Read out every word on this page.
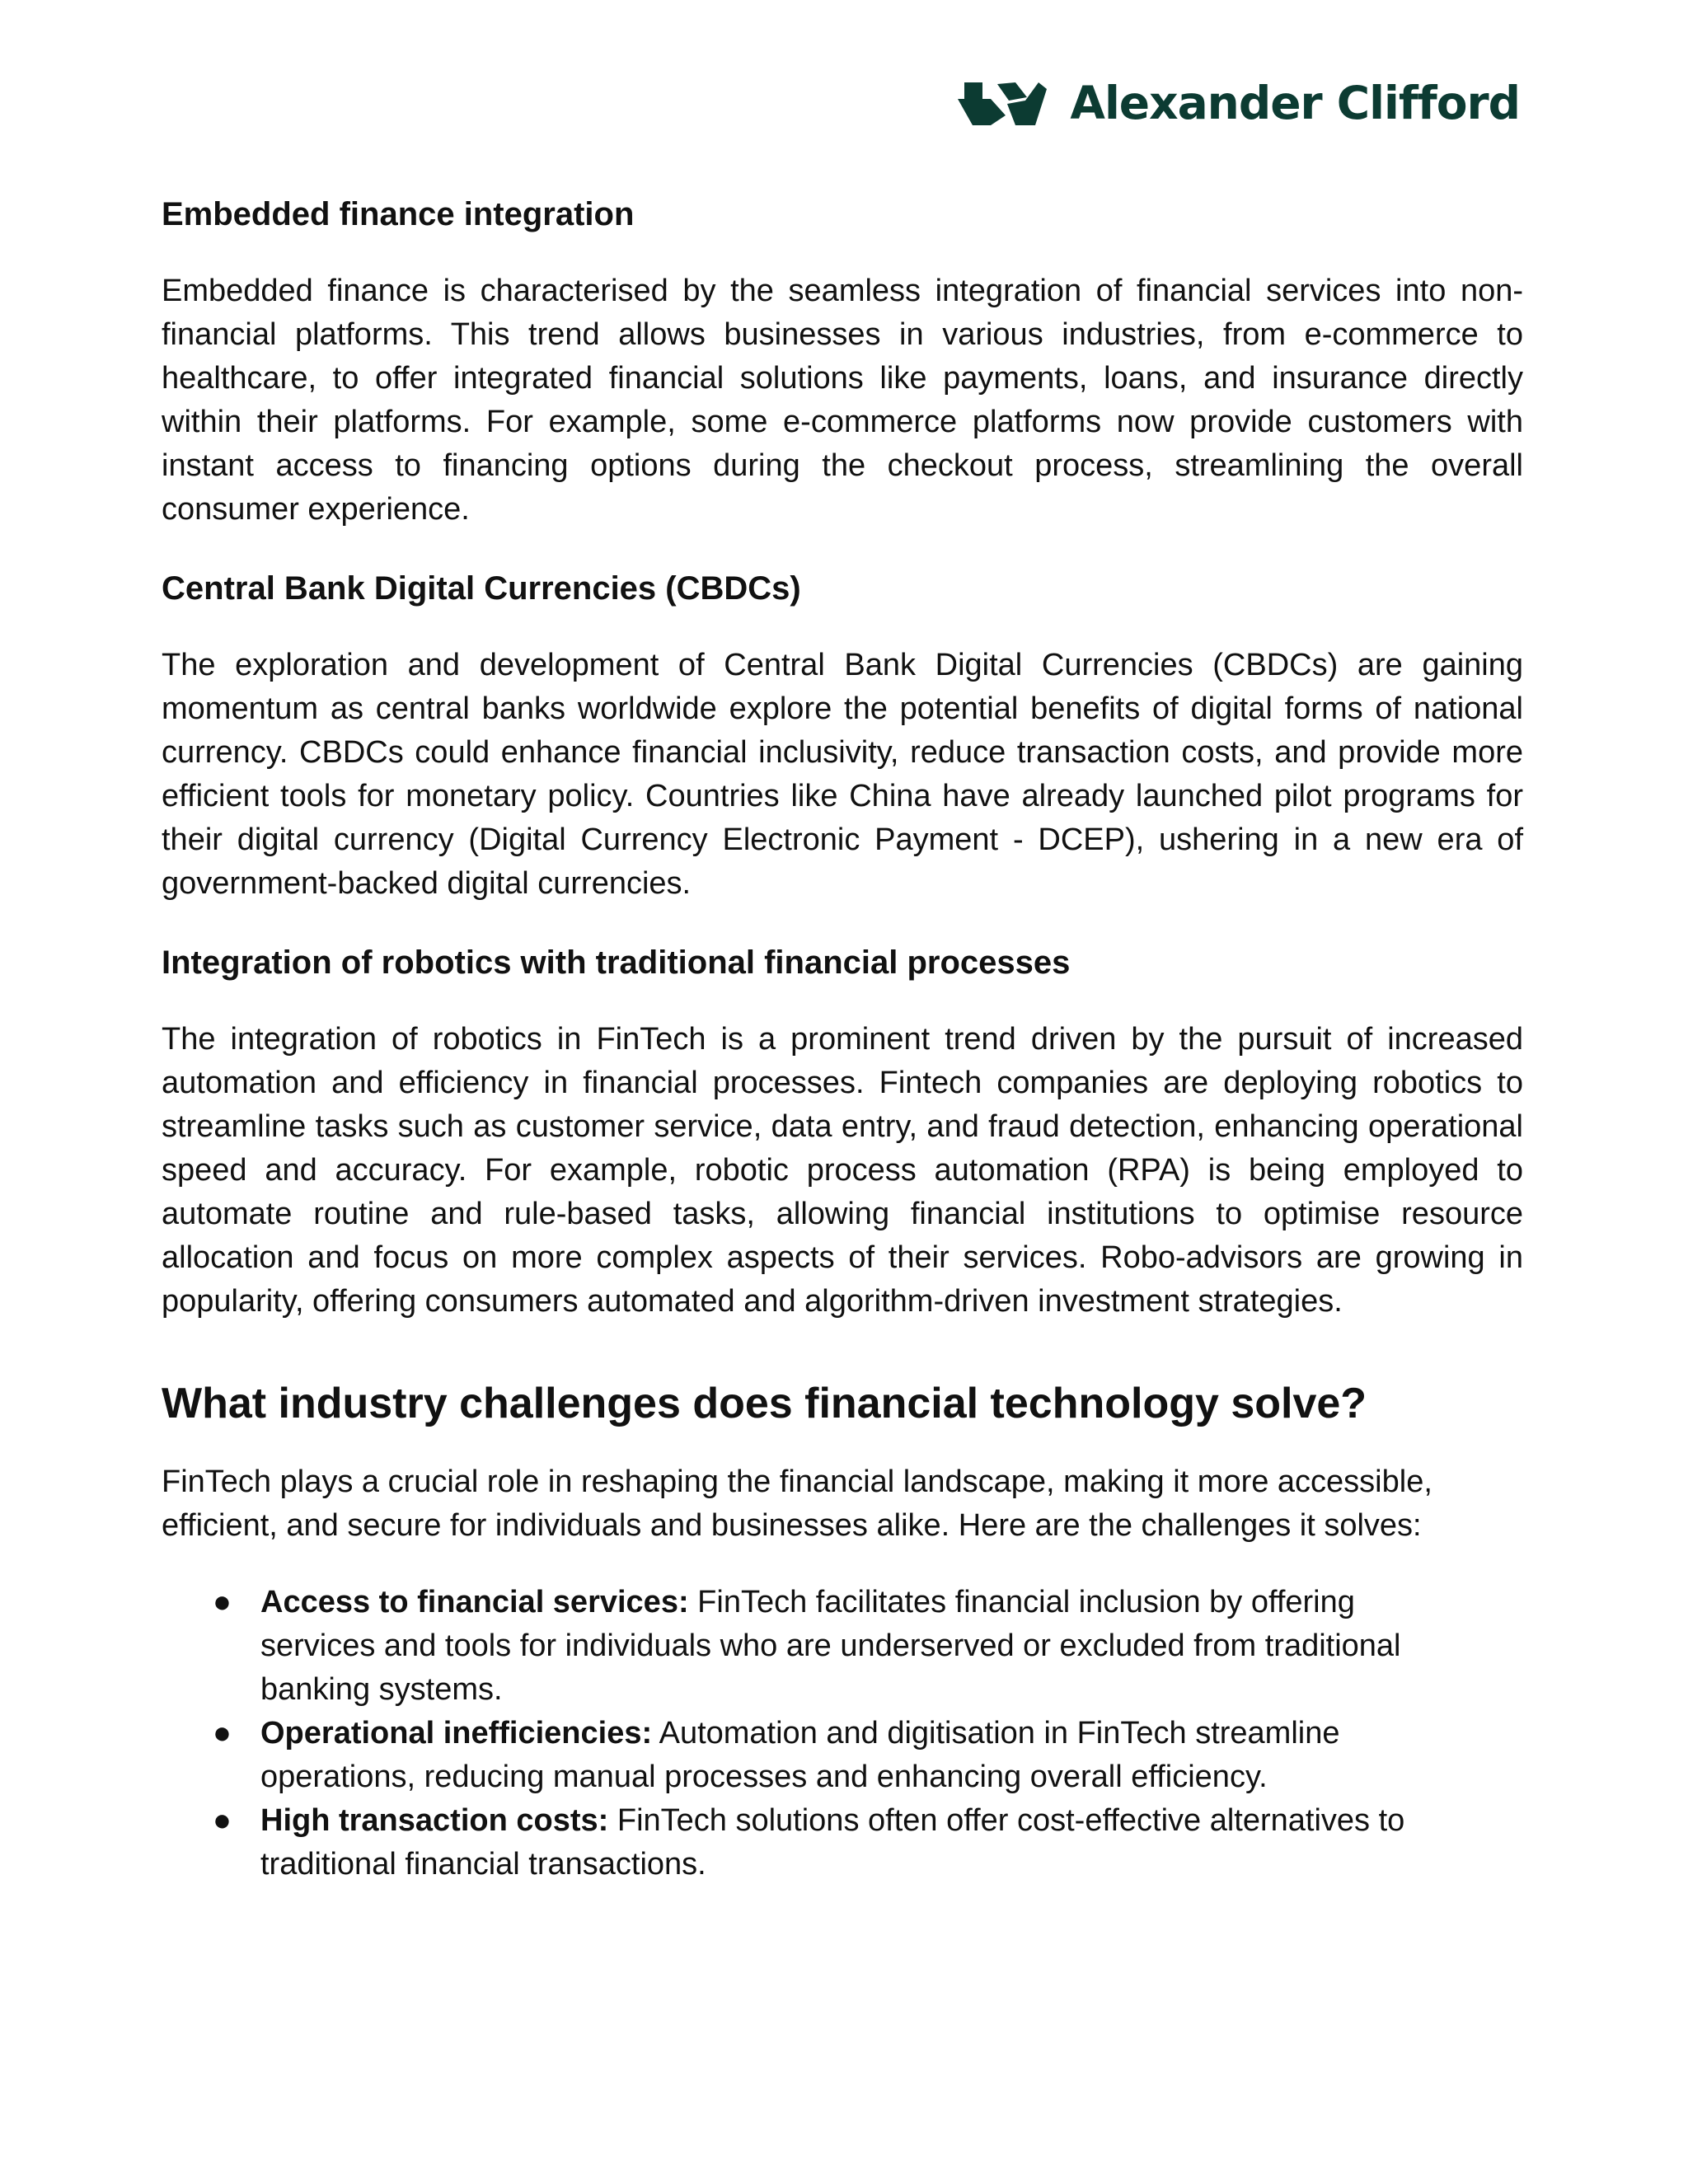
Alexander Clifford
Embedded finance integration

Embedded finance is characterised by the seamless integration of financial services into non-financial platforms. This trend allows businesses in various industries, from e-commerce to healthcare, to offer integrated financial solutions like payments, loans, and insurance directly within their platforms. For example, some e-commerce platforms now provide customers with instant access to financing options during the checkout process, streamlining the overall consumer experience.

Central Bank Digital Currencies (CBDCs)

The exploration and development of Central Bank Digital Currencies (CBDCs) are gaining momentum as central banks worldwide explore the potential benefits of digital forms of national currency. CBDCs could enhance financial inclusivity, reduce transaction costs, and provide more efficient tools for monetary policy. Countries like China have already launched pilot programs for their digital currency (Digital Currency Electronic Payment - DCEP), ushering in a new era of government-backed digital currencies.

Integration of robotics with traditional financial processes

The integration of robotics in FinTech is a prominent trend driven by the pursuit of increased automation and efficiency in financial processes. Fintech companies are deploying robotics to streamline tasks such as customer service, data entry, and fraud detection, enhancing operational speed and accuracy. For example, robotic process automation (RPA) is being employed to automate routine and rule-based tasks, allowing financial institutions to optimise resource allocation and focus on more complex aspects of their services. Robo-advisors are growing in popularity, offering consumers automated and algorithm-driven investment strategies.

What industry challenges does financial technology solve?

FinTech plays a crucial role in reshaping the financial landscape, making it more accessible, efficient, and secure for individuals and businesses alike. Here are the challenges it solves:

● Access to financial services: FinTech facilitates financial inclusion by offering services and tools for individuals who are underserved or excluded from traditional banking systems.
● Operational inefficiencies: Automation and digitisation in FinTech streamline operations, reducing manual processes and enhancing overall efficiency.
● High transaction costs: FinTech solutions often offer cost-effective alternatives to traditional financial transactions.
